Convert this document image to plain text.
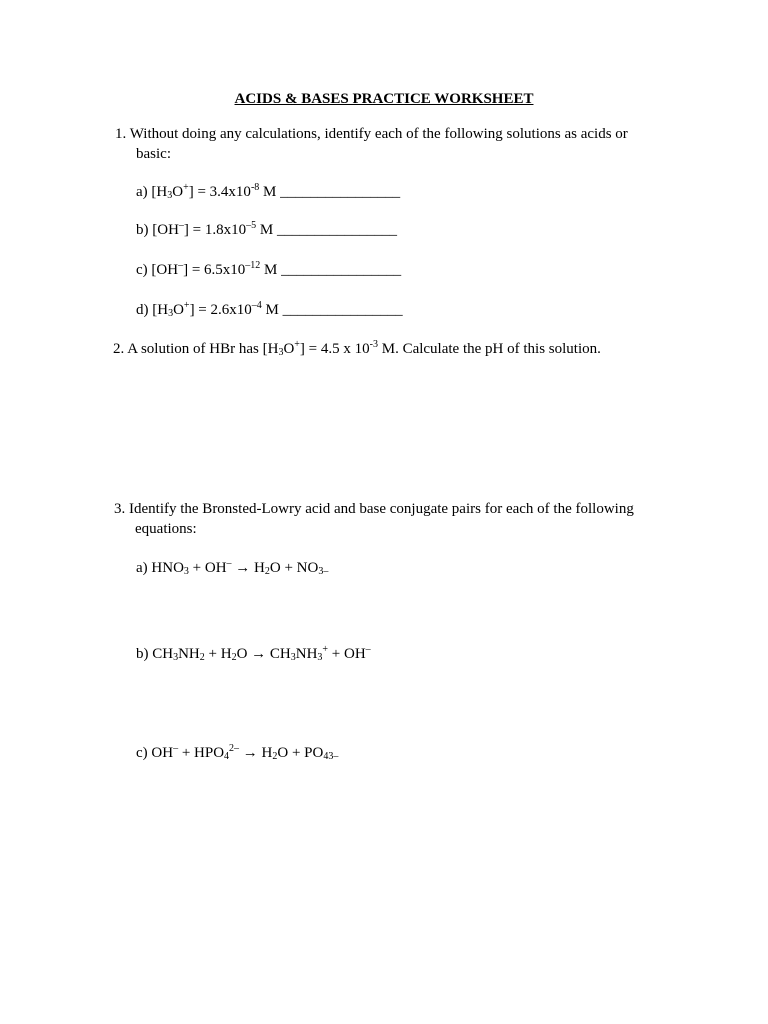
ACIDS & BASES PRACTICE WORKSHEET
1. Without doing any calculations, identify each of the following solutions as acids or
basic:
a) $[H_3O^+] = 3.4x10^{-8}$ M ________________
b) $[OH^-] = 1.8x10^{-5}$ M ________________
c) $[OH^-] = 6.5x10^{-12}$ M ________________
d) $[H_3O^+] = 2.6x10^{-4}$ M ________________
2. A solution of HBr has $[H_3O^+] = 4.5$ x $10^{-3}$ M. Calculate the pH of this solution.
3. Identify the Bronsted-Lowry acid and base conjugate pairs for each of the following
equations:
a) $HNO_3 + OH^- \to H_2O + NO_{3-}$
b) $CH_3NH_2 + H_2O \to CH_3NH_3^+ + OH^-$
c) $OH^- + HPO_4^{2-} \to H_2O + PO_{43-}$
